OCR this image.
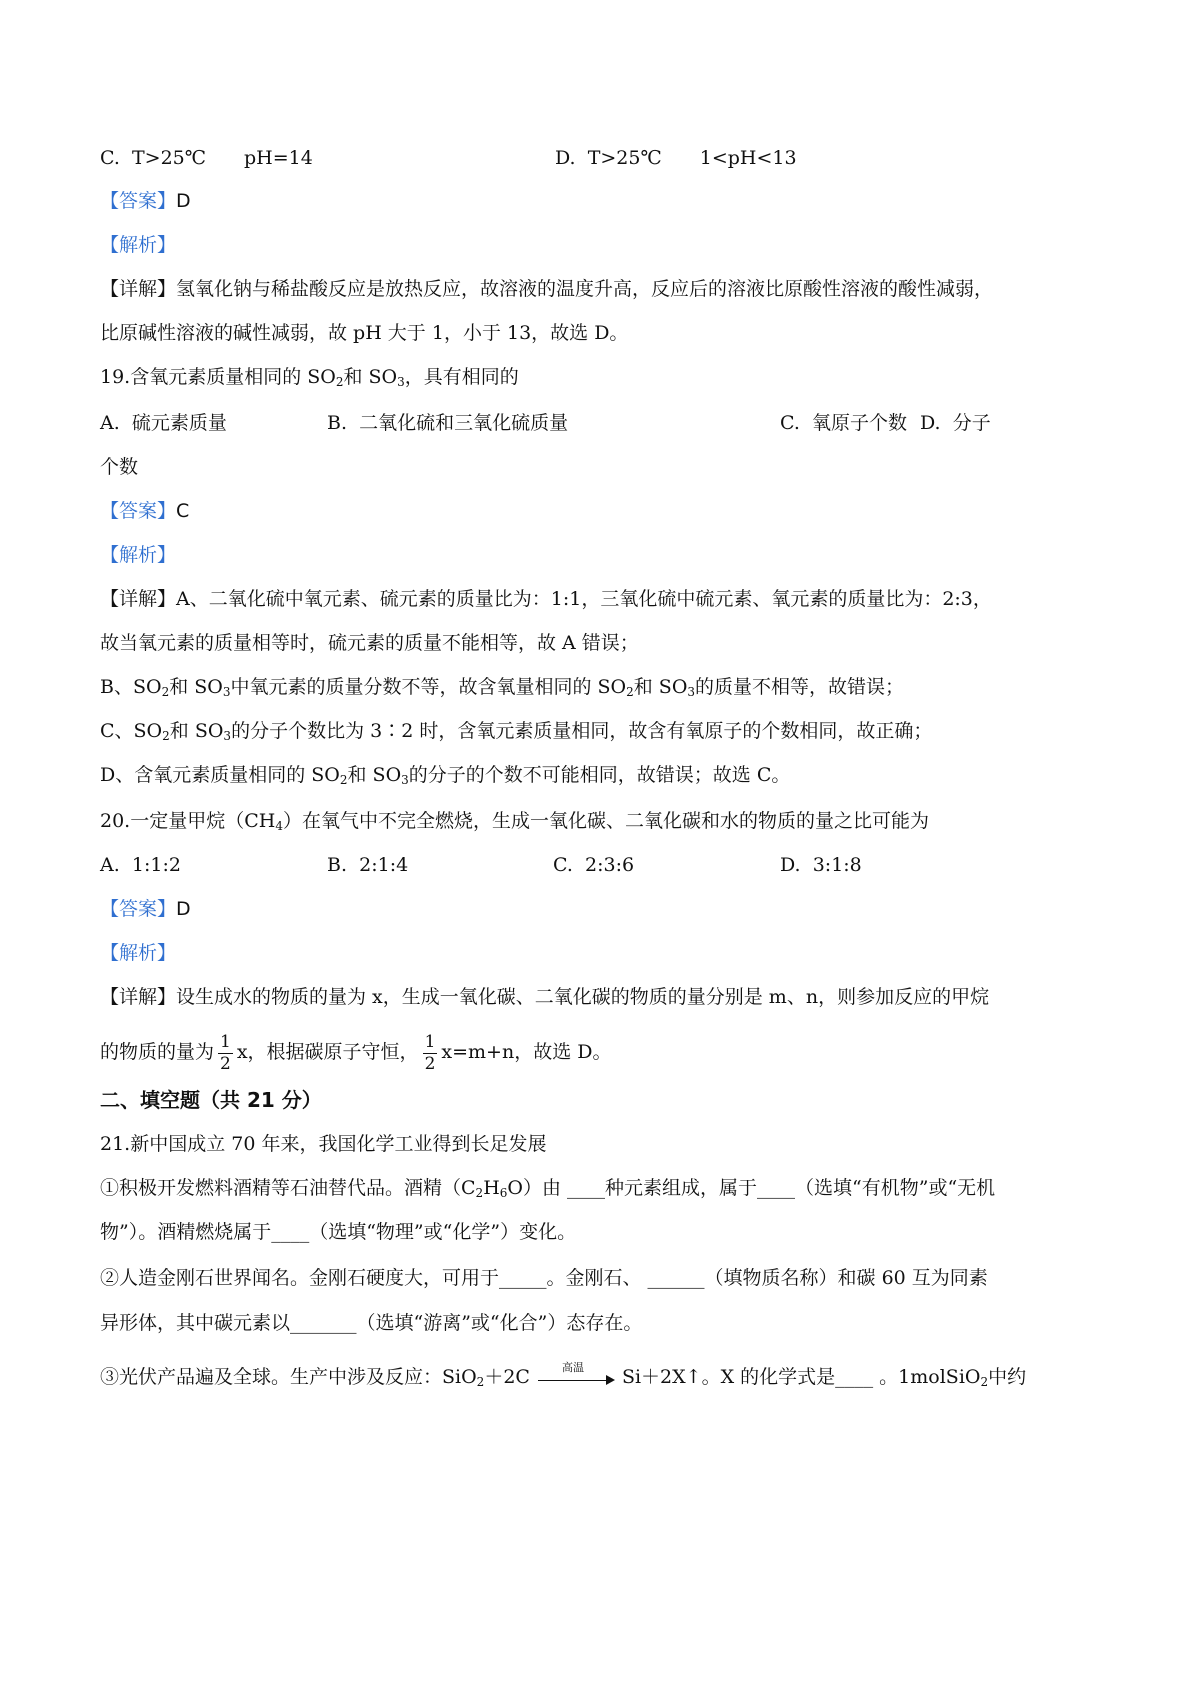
C. T>25℃　　pH=14	D. T>25℃　　1<pH<13
【答案】D
【解析】
【详解】氢氧化钠与稀盐酸反应是放热反应，故溶液的温度升高，反应后的溶液比原酸性溶液的酸性减弱，
比原碱性溶液的碱性减弱，故 pH 大于 1，小于 13，故选 D。
19.含氧元素质量相同的 $SO_2$和 $SO_3$，具有相同的
A. 硫元素质量	B. 二氧化硫和三氧化硫质量	C. 氧原子个数 D. 分子
个数
【答案】C
【解析】
【详解】A、二氧化硫中氧元素、硫元素的质量比为：1:1，三氧化硫中硫元素、氧元素的质量比为：2:3，
故当氧元素的质量相等时，硫元素的质量不能相等，故 A 错误；
B、$SO_2$和 $SO_3$中氧元素的质量分数不等，故含氧量相同的 $SO_2$和 $SO_3$的质量不相等，故错误；
C、$SO_2$和 $SO_3$的分子个数比为 3∶2 时，含氧元素质量相同，故含有氧原子的个数相同，故正确；
D、含氧元素质量相同的 $SO_2$和 $SO_3$的分子的个数不可能相同，故错误；故选 C。
20.一定量甲烷$(CH_4)$在氧气中不完全燃烧，生成一氧化碳、二氧化碳和水的物质的量之比可能为
A. 1:1:2	B. 2:1:4	C. 2:3:6	D. 3:1:8
【答案】D
【解析】
【详解】设生成水的物质的量为 x，生成一氧化碳、二氧化碳的物质的量分别是 m、n，则参加反应的甲烷
的物质的量为 $\frac{1}{2}$ x，根据碳原子守恒， $\frac{1}{2} x=m+n$，故选 D。
二、填空题（共 21 分）
21.新中国成立 70 年来，我国化学工业得到长足发展
①积极开发燃料酒精等石油替代品。酒精$(C_2H_6O)$由 ____种元素组成，属于____（选填“有机物”或“无机
物”）。酒精燃烧属于____（选填“物理”或“化学”）变化。
②人造金刚石世界闻名。金刚石硬度大，可用于_____。金刚石、 ______（填物质名称）和碳 60 互为同素
异形体，其中碳元素以_______（选填“游离”或“化合”）态存在。
③光伏产品遍及全球。生产中涉及反应：SiO$_2$＋2C	高温	Si＋2X↑。X 的化学式是____ 。1molSiO$_2$中约
